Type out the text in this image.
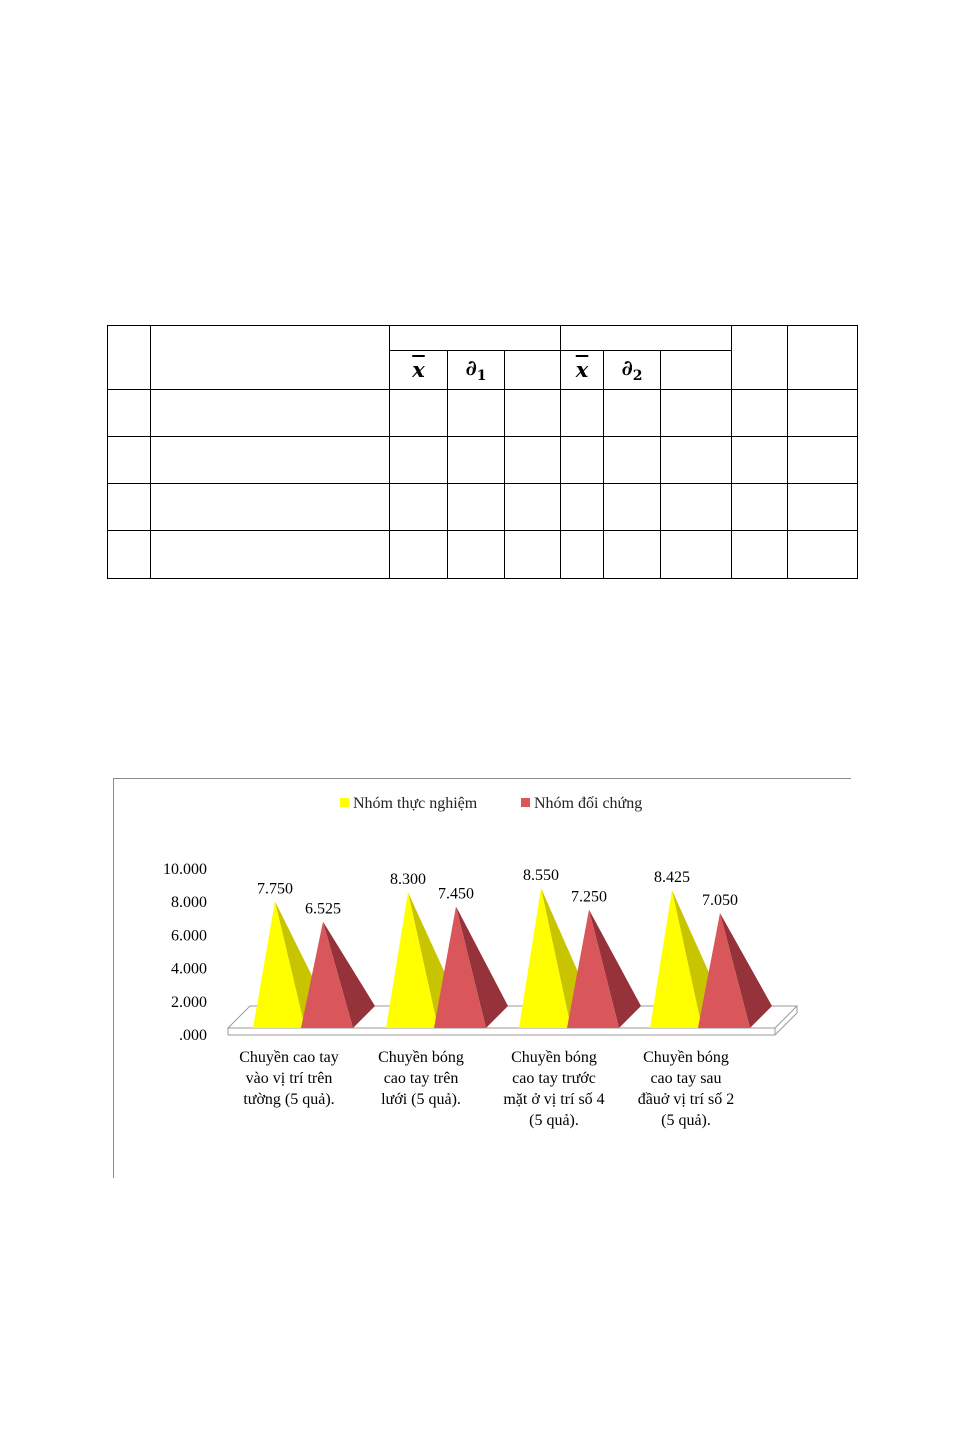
		$\overline{x}$	$\partial_1$		$\overline{x}$	$\partial_2$	

Nhóm thực nghiệm	Nhóm đối chứng
.000
2.000
4.000
6.000
8.000
10.000
7.750
6.525
8.300
7.450
8.550
7.250
8.425
7.050
Chuyền cao tay
vào vị trí trên
tường (5 quả).
Chuyền bóng
cao tay trên
lưới (5 quả).
Chuyền bóng
cao tay trước
mặt ở vị trí số 4
(5 quả).
Chuyền bóng
cao tay sau
đầuở vị trí số 2
(5 quả).
